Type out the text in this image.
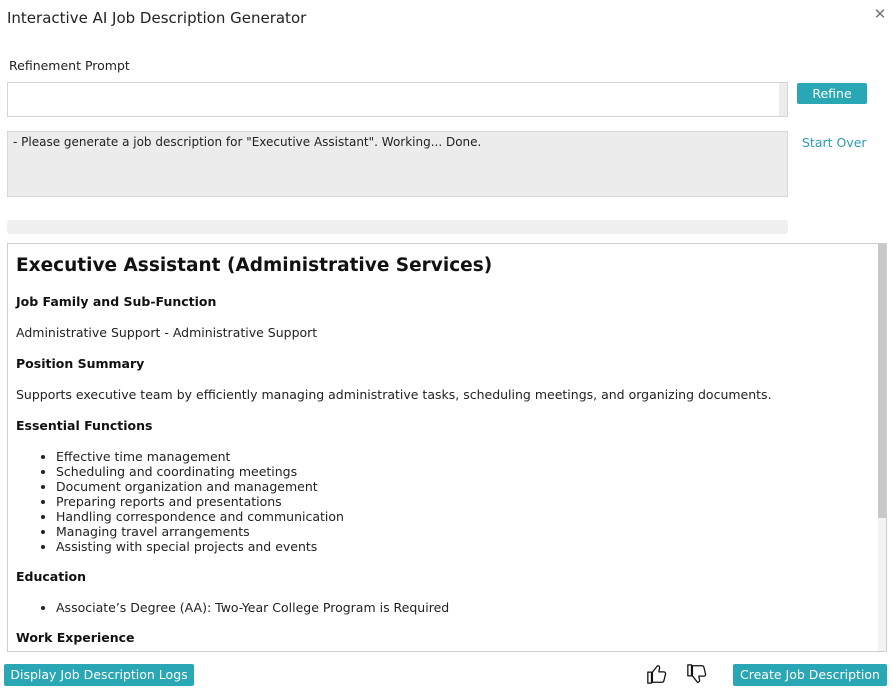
Interactive AI Job Description Generator	✕
Refinement Prompt
Refine
- Please generate a job description for "Executive Assistant". Working... Done.	Start Over
Executive Assistant (Administrative Services)
Job Family and Sub-Function
Administrative Support - Administrative Support
Position Summary
Supports executive team by efficiently managing administrative tasks, scheduling meetings, and organizing documents.
Essential Functions
• Effective time management
• Scheduling and coordinating meetings
• Document organization and management
• Preparing reports and presentations
• Handling correspondence and communication
• Managing travel arrangements
• Assisting with special projects and events
Education
• Associate’s Degree (AA): Two-Year College Program is Required
Work Experience
Display Job Description Logs	Create Job Description
